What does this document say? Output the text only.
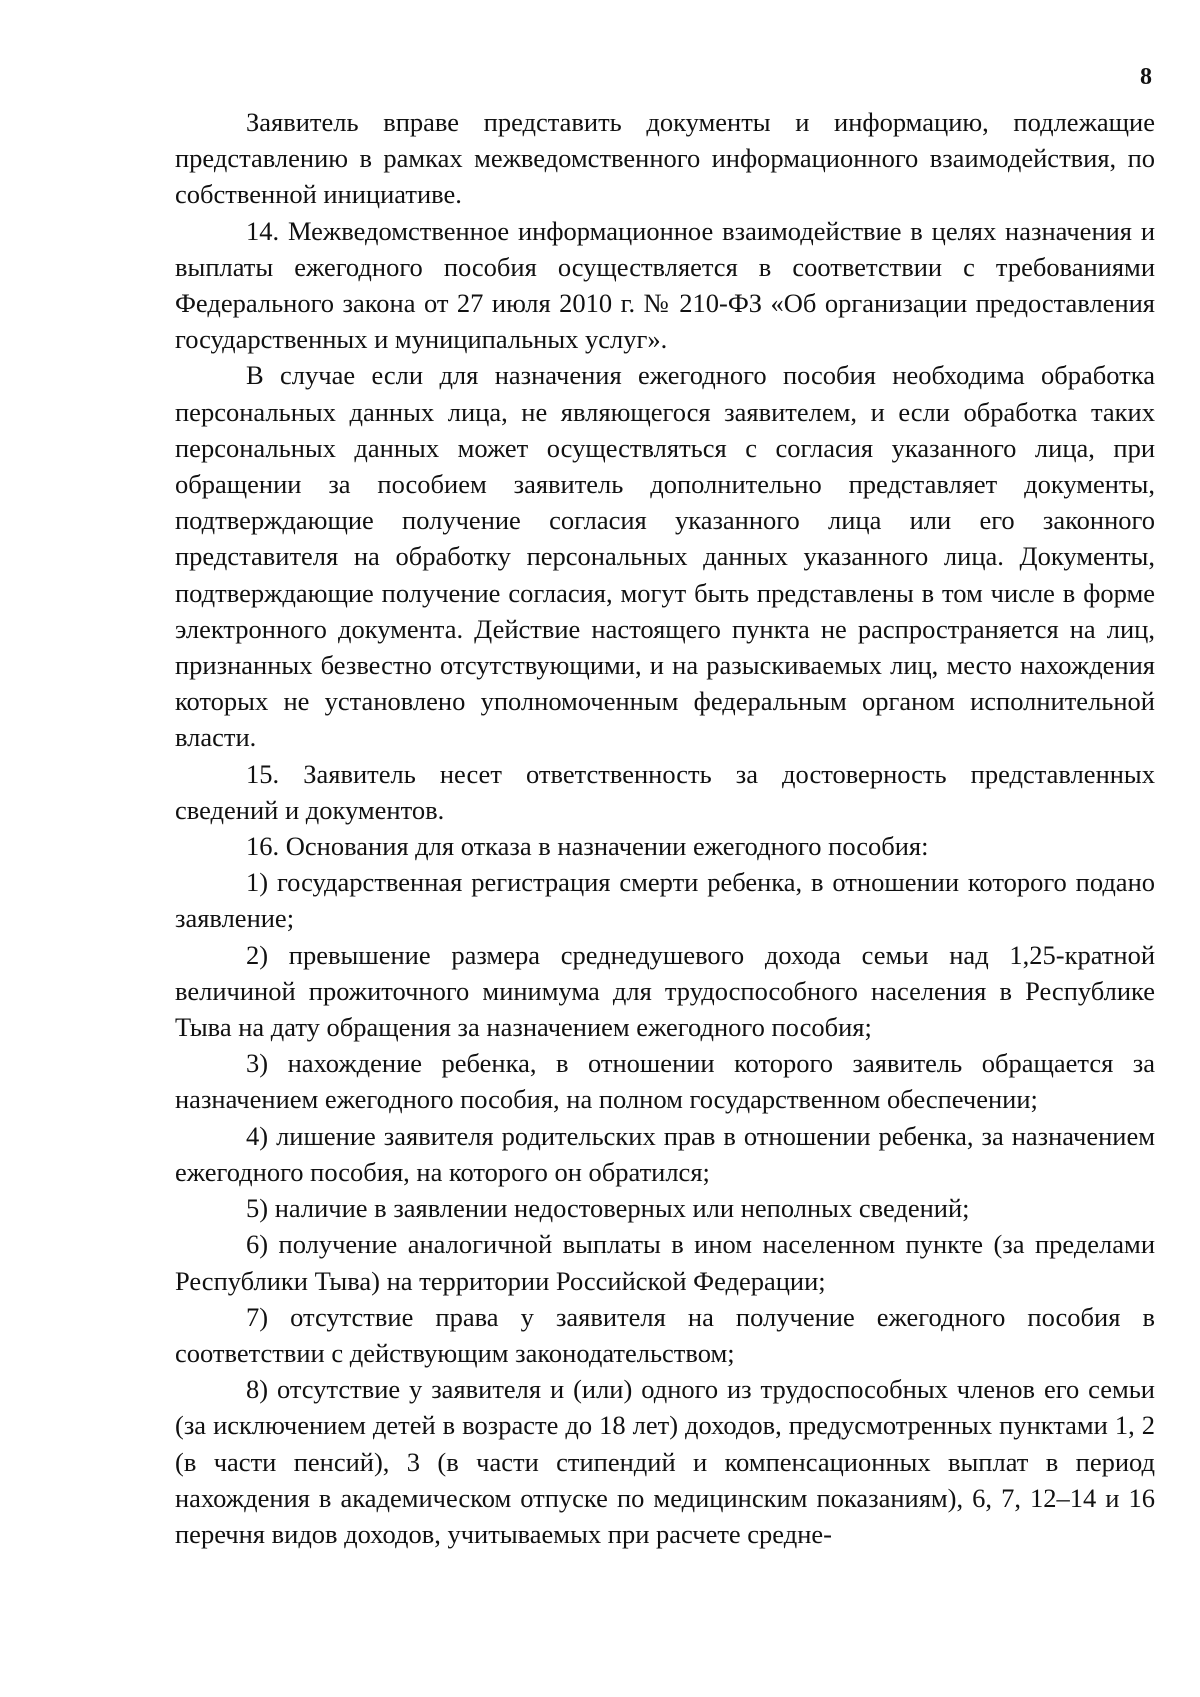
8

Заявитель вправе представить документы и информацию, подлежащие представлению в рамках межведомственного информационного взаимодействия, по собственной инициативе.

14. Межведомственное информационное взаимодействие в целях назначения и выплаты ежегодного пособия осуществляется в соответствии с требованиями Федерального закона от 27 июля 2010 г. № 210-ФЗ «Об организации предоставления государственных и муниципальных услуг».

В случае если для назначения ежегодного пособия необходима обработка персональных данных лица, не являющегося заявителем, и если обработка таких персональных данных может осуществляться с согласия указанного лица, при обращении за пособием заявитель дополнительно представляет документы, подтверждающие получение согласия указанного лица или его законного представителя на обработку персональных данных указанного лица. Документы, подтверждающие получение согласия, могут быть представлены в том числе в форме электронного документа. Действие настоящего пункта не распространяется на лиц, признанных безвестно отсутствующими, и на разыскиваемых лиц, место нахождения которых не установлено уполномоченным федеральным органом исполнительной власти.

15. Заявитель несет ответственность за достоверность представленных сведений и документов.

16. Основания для отказа в назначении ежегодного пособия:

1) государственная регистрация смерти ребенка, в отношении которого подано заявление;

2) превышение размера среднедушевого дохода семьи над 1,25-кратной величиной прожиточного минимума для трудоспособного населения в Республике Тыва на дату обращения за назначением ежегодного пособия;

3) нахождение ребенка, в отношении которого заявитель обращается за назначением ежегодного пособия, на полном государственном обеспечении;

4) лишение заявителя родительских прав в отношении ребенка, за назначением ежегодного пособия, на которого он обратился;

5) наличие в заявлении недостоверных или неполных сведений;

6) получение аналогичной выплаты в ином населенном пункте (за пределами Республики Тыва) на территории Российской Федерации;

7) отсутствие права у заявителя на получение ежегодного пособия в соответствии с действующим законодательством;

8) отсутствие у заявителя и (или) одного из трудоспособных членов его семьи (за исключением детей в возрасте до 18 лет) доходов, предусмотренных пунктами 1, 2 (в части пенсий), 3 (в части стипендий и компенсационных выплат в период нахождения в академическом отпуске по медицинским показаниям), 6, 7, 12–14 и 16 перечня видов доходов, учитываемых при расчете средне-
